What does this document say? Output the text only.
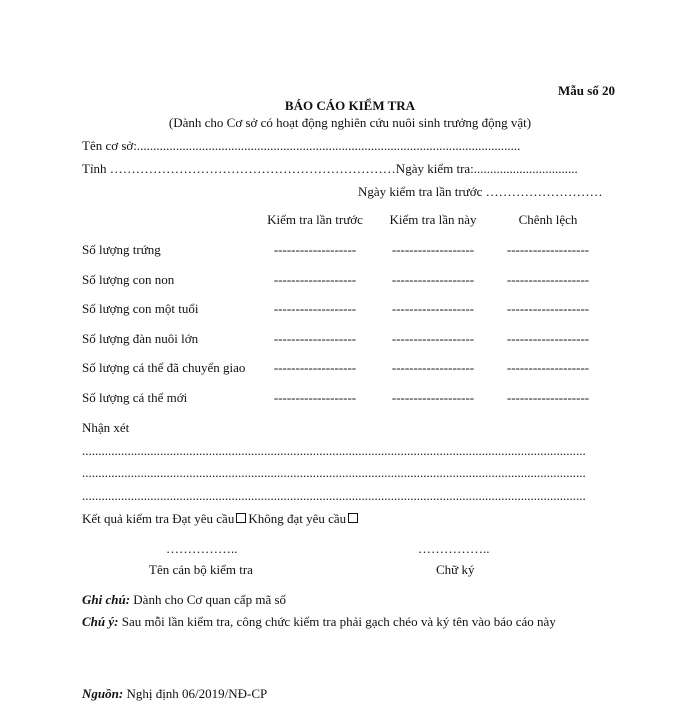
Mẫu số 20
BÁO CÁO KIỂM TRA
(Dành cho Cơ sở có hoạt động nghiên cứu nuôi sinh trưởng động vật)
Tên cơ sở:......................................................................................................................
Tỉnh …………………………………………………………Ngày kiểm tra:................................
Ngày kiểm tra lần trước ………………………
Kiểm tra lần trước	Kiểm tra lần này	Chênh lệch
Số lượng trứng	-------------------	-------------------	-------------------
Số lượng con non	-------------------	-------------------	-------------------
Số lượng con một tuổi	-------------------	-------------------	-------------------
Số lượng đàn nuôi lớn	-------------------	-------------------	-------------------
Số lượng cá thể đã chuyển giao	-------------------	-------------------	-------------------
Số lượng cá thể mới	-------------------	-------------------	-------------------
Nhận xét
...........................................................................................................................................................
...........................................................................................................................................................
...........................................................................................................................................................
Kết quả kiểm tra Đạt yêu cầu Không đạt yêu cầu
……………..	……………..
Tên cán bộ kiểm tra	Chữ ký
Ghi chú: Dành cho Cơ quan cấp mã số
Chú ý: Sau mỗi lần kiểm tra, công chức kiểm tra phải gạch chéo và ký tên vào báo cáo này
Nguồn: Nghị định 06/2019/NĐ-CP
